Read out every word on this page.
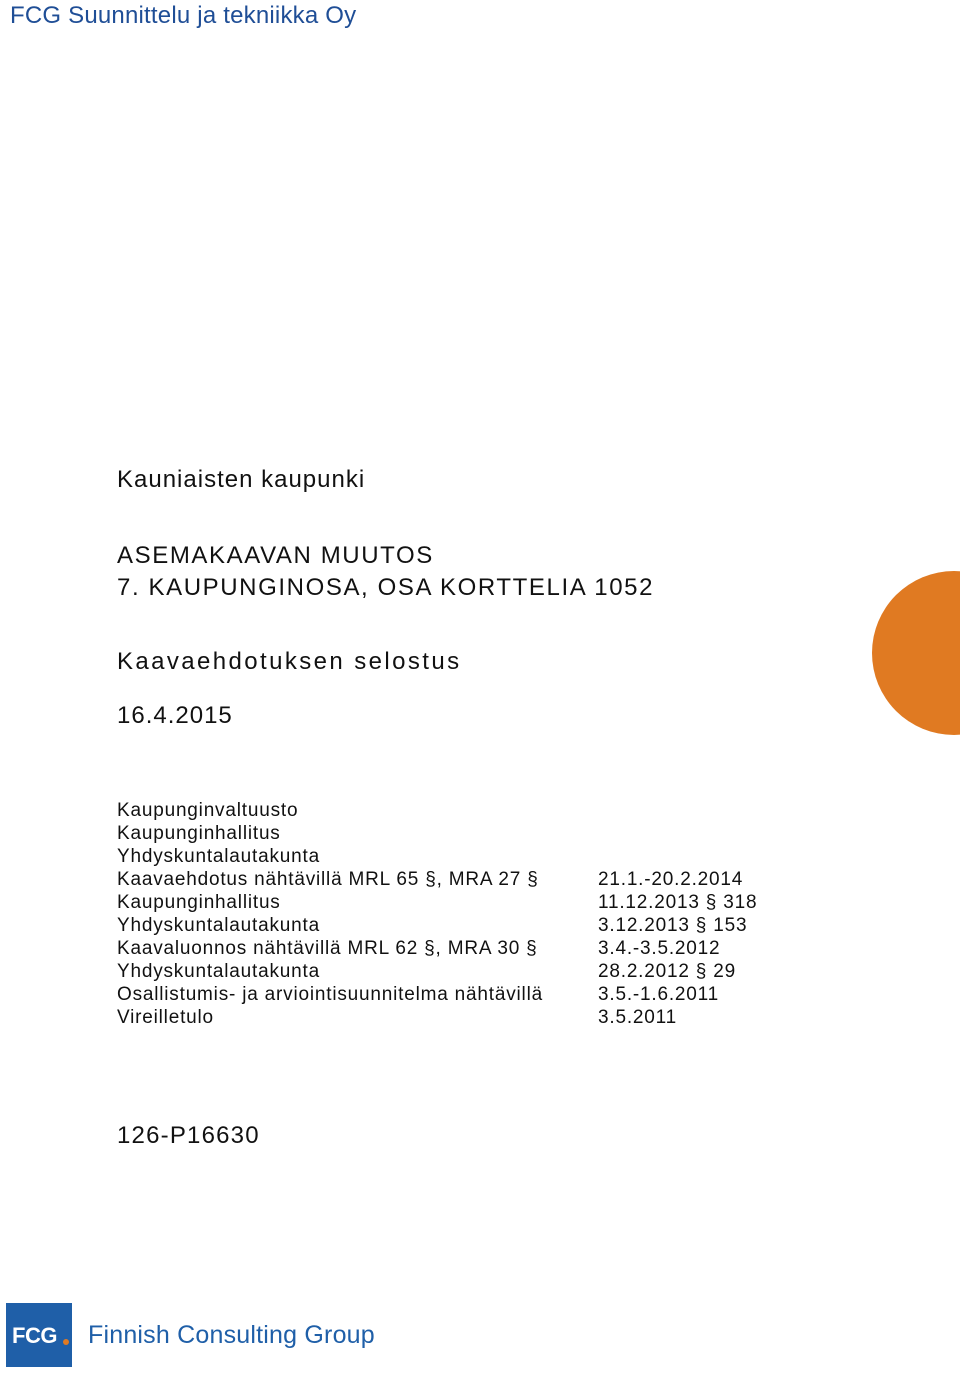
FCG Suunnittelu ja tekniikka Oy
Kauniaisten kaupunki
ASEMAKAAVAN MUUTOS
7. KAUPUNGINOSA, OSA KORTTELIA 1052
Kaavaehdotuksen selostus
16.4.2015
Kaupunginvaltuusto
Kaupunginhallitus
Yhdyskuntalautakunta
Kaavaehdotus nähtävillä MRL 65 §, MRA 27 §	21.1.-20.2.2014
Kaupunginhallitus	11.12.2013 § 318
Yhdyskuntalautakunta	3.12.2013 § 153
Kaavaluonnos nähtävillä MRL 62 §, MRA 30 §	3.4.-3.5.2012
Yhdyskuntalautakunta	28.2.2012 § 29
Osallistumis- ja arviointisuunnitelma nähtävillä	3.5.-1.6.2011
Vireilletulo	3.5.2011
126-P16630
FCG Finnish Consulting Group
